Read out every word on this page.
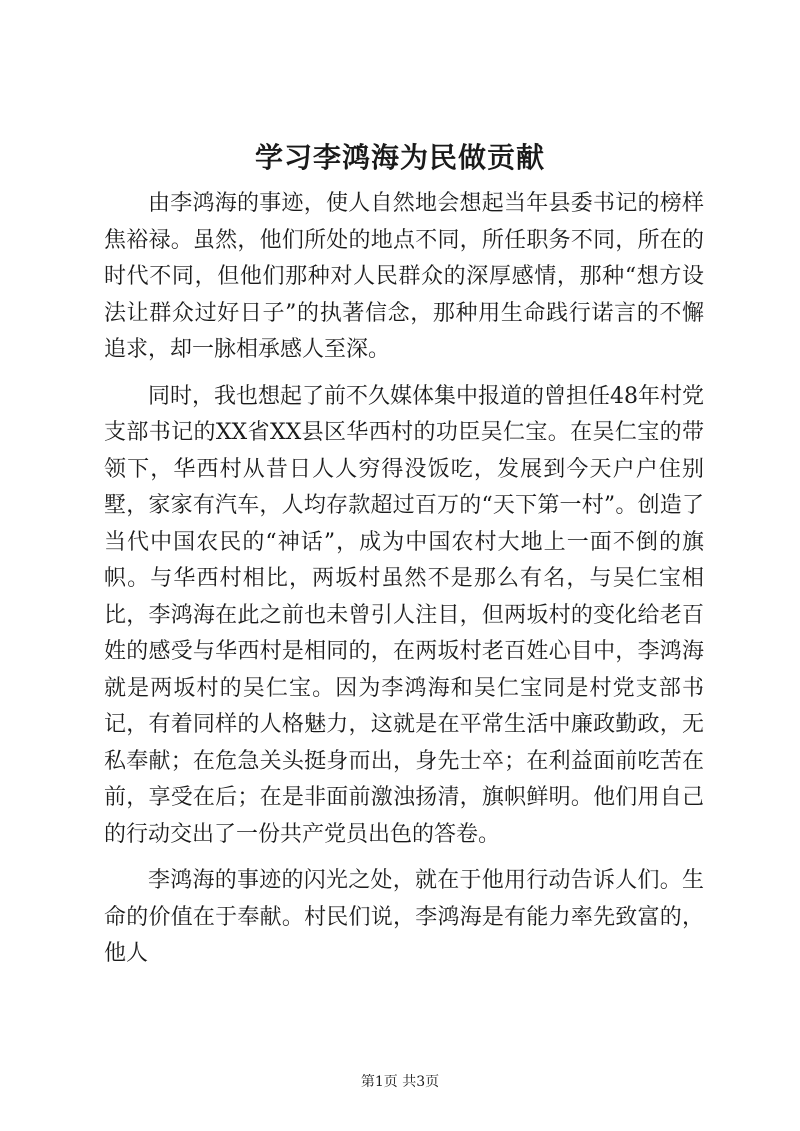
学习李鸿海为民做贡献

由李鸿海的事迹，使人自然地会想起当年县委书记的榜样焦裕禄。虽然，他们所处的地点不同，所任职务不同，所在的时代不同，但他们那种对人民群众的深厚感情，那种“想方设法让群众过好日子”的执著信念，那种用生命践行诺言的不懈追求，却一脉相承感人至深。

同时，我也想起了前不久媒体集中报道的曾担任48年村党支部书记的XX省XX县区华西村的功臣吴仁宝。在吴仁宝的带领下，华西村从昔日人人穷得没饭吃，发展到今天户户住别墅，家家有汽车，人均存款超过百万的“天下第一村”。创造了当代中国农民的“神话”，成为中国农村大地上一面不倒的旗帜。与华西村相比，两坂村虽然不是那么有名，与吴仁宝相比，李鸿海在此之前也未曾引人注目，但两坂村的变化给老百姓的感受与华西村是相同的，在两坂村老百姓心目中，李鸿海就是两坂村的吴仁宝。因为李鸿海和吴仁宝同是村党支部书记，有着同样的人格魅力，这就是在平常生活中廉政勤政，无私奉献；在危急关头挺身而出，身先士卒；在利益面前吃苦在前，享受在后；在是非面前激浊扬清，旗帜鲜明。他们用自己的行动交出了一份共产党员出色的答卷。

李鸿海的事迹的闪光之处，就在于他用行动告诉人们。生命的价值在于奉献。村民们说，李鸿海是有能力率先致富的，他人

第1页 共3页
